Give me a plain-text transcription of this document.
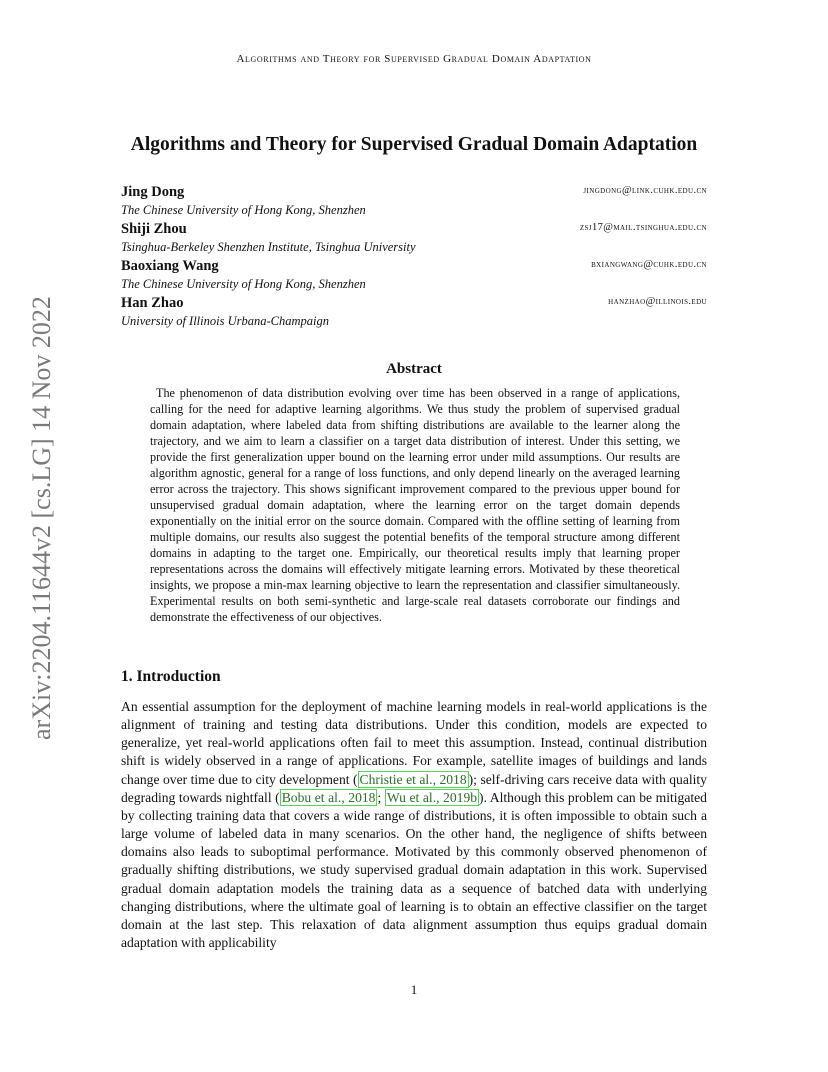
Algorithms and Theory for Supervised Gradual Domain Adaptation
arXiv:2204.11644v2 [cs.LG] 14 Nov 2022
Algorithms and Theory for Supervised Gradual Domain Adaptation
Jing Dong	jingdong@link.cuhk.edu.cn
The Chinese University of Hong Kong, Shenzhen
Shiji Zhou	zsj17@mail.tsinghua.edu.cn
Tsinghua-Berkeley Shenzhen Institute, Tsinghua University
Baoxiang Wang	bxiangwang@cuhk.edu.cn
The Chinese University of Hong Kong, Shenzhen
Han Zhao	hanzhao@illinois.edu
University of Illinois Urbana-Champaign
Abstract

The phenomenon of data distribution evolving over time has been observed in a range of applications, calling for the need for adaptive learning algorithms. We thus study the problem of supervised gradual domain adaptation, where labeled data from shifting distributions are available to the learner along the trajectory, and we aim to learn a classifier on a target data distribution of interest. Under this setting, we provide the first generalization upper bound on the learning error under mild assumptions. Our results are algorithm agnostic, general for a range of loss functions, and only depend linearly on the averaged learning error across the trajectory. This shows significant improvement compared to the previous upper bound for unsupervised gradual domain adaptation, where the learning error on the target domain depends exponentially on the initial error on the source domain. Compared with the offline setting of learning from multiple domains, our results also suggest the potential benefits of the temporal structure among different domains in adapting to the target one. Empirically, our theoretical results imply that learning proper representations across the domains will effectively mitigate learning errors. Motivated by these theoretical insights, we propose a min-max learning objective to learn the representation and classifier simultaneously. Experimental results on both semi-synthetic and large-scale real datasets corroborate our findings and demonstrate the effectiveness of our objectives.

1. Introduction

An essential assumption for the deployment of machine learning models in real-world applications is the alignment of training and testing data distributions. Under this condition, models are expected to generalize, yet real-world applications often fail to meet this assumption. Instead, continual distribution shift is widely observed in a range of applications. For example, satellite images of buildings and lands change over time due to city development ( Christie et al., 2018 ); self-driving cars receive data with quality degrading towards nightfall ( Bobu et al., 2018 ; Wu et al., 2019b ). Although this problem can be mitigated by collecting training data that covers a wide range of distributions, it is often impossible to obtain such a large volume of labeled data in many scenarios. On the other hand, the negligence of shifts between domains also leads to suboptimal performance. Motivated by this commonly observed phenomenon of gradually shifting distributions, we study supervised gradual domain adaptation in this work. Supervised gradual domain adaptation models the training data as a sequence of batched data with underlying changing distributions, where the ultimate goal of learning is to obtain an effective classifier on the target domain at the last step. This relaxation of data alignment assumption thus equips gradual domain adaptation with applicability

1
